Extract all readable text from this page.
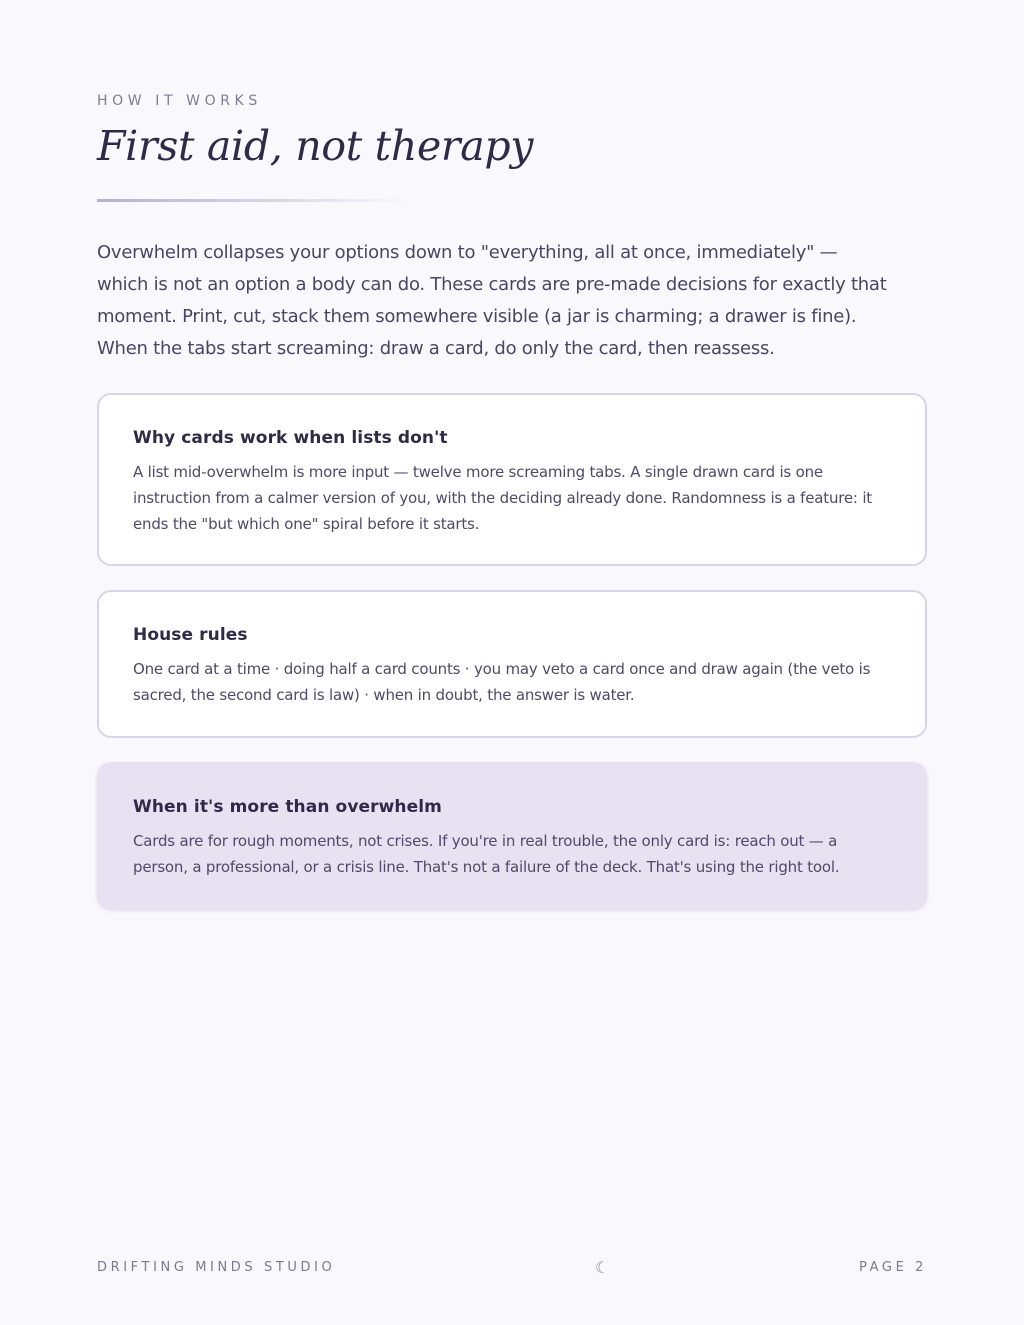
HOW IT WORKS
First aid, not therapy

Overwhelm collapses your options down to "everything, all at once, immediately" — which is not an option a body can do. These cards are pre-made decisions for exactly that moment. Print, cut, stack them somewhere visible (a jar is charming; a drawer is fine). When the tabs start screaming: draw a card, do only the card, then reassess.

Why cards work when lists don't

A list mid-overwhelm is more input — twelve more screaming tabs. A single drawn card is one instruction from a calmer version of you, with the deciding already done. Randomness is a feature: it ends the "but which one" spiral before it starts.

House rules

One card at a time · doing half a card counts · you may veto a card once and draw again (the veto is sacred, the second card is law) · when in doubt, the answer is water.

When it's more than overwhelm

Cards are for rough moments, not crises. If you're in real trouble, the only card is: reach out — a person, a professional, or a crisis line. That's not a failure of the deck. That's using the right tool.

DRIFTING MINDS STUDIO	☾	PAGE 2
